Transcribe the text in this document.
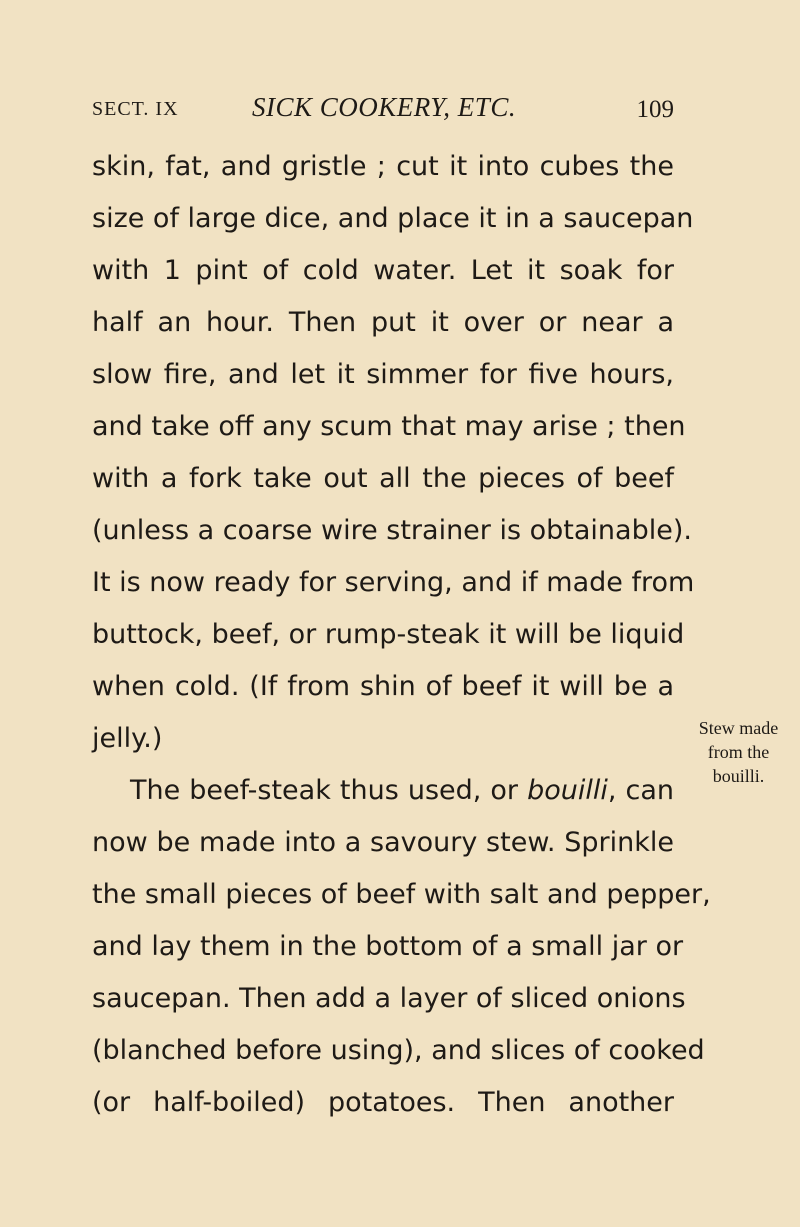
SECT. IX	SICK COOKERY, ETC.	109
skin, fat, and gristle ; cut it into cubes the
size of large dice, and place it in a saucepan
with 1 pint of cold water. Let it soak for
half an hour. Then put it over or near a
slow fire, and let it simmer for five hours,
and take off any scum that may arise ; then
with a fork take out all the pieces of beef
(unless a coarse wire strainer is obtainable).
It is now ready for serving, and if made from
buttock, beef, or rump-steak it will be liquid
when cold. (If from shin of beef it will be a
jelly.)
The beef-steak thus used, or bouilli, can
now be made into a savoury stew. Sprinkle
the small pieces of beef with salt and pepper,
and lay them in the bottom of a small jar or
saucepan. Then add a layer of sliced onions
(blanched before using), and slices of cooked
(or half-boiled) potatoes. Then another
Stew made
from the
bouilli.
